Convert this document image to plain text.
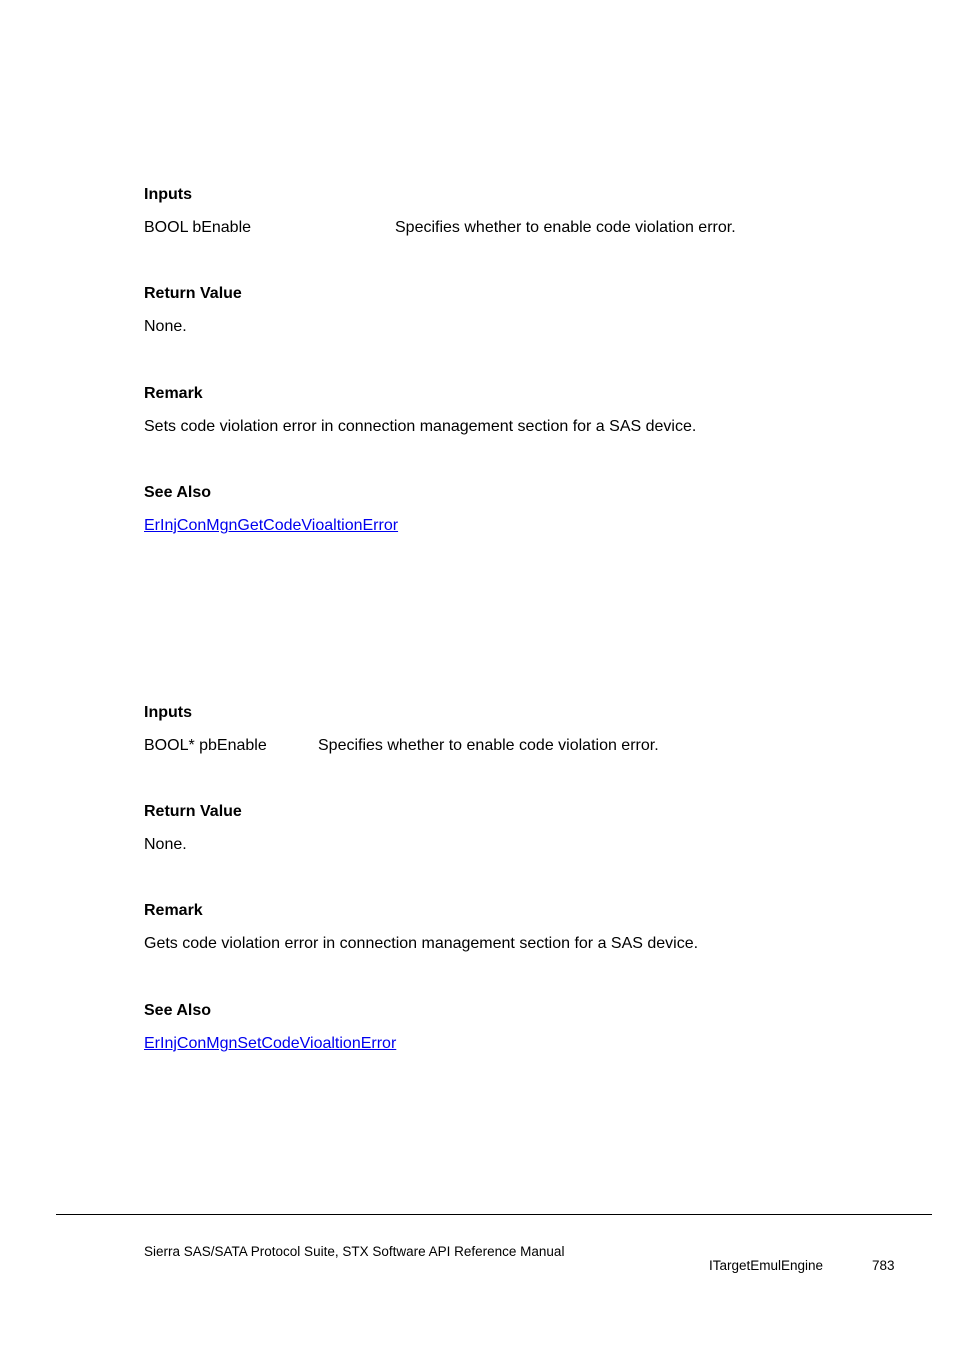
Inputs
BOOL bEnable	Specifies whether to enable code violation error.
Return Value
None.
Remark
Sets code violation error in connection management section for a SAS device.
See Also
ErInjConMgnGetCodeVioaltionError
Inputs
BOOL* pbEnable	Specifies whether to enable code violation error.
Return Value
None.
Remark
Gets code violation error in connection management section for a SAS device.
See Also
ErInjConMgnSetCodeVioaltionError
Sierra SAS/SATA Protocol Suite, STX Software API Reference Manual
ITargetEmulEngine	783
